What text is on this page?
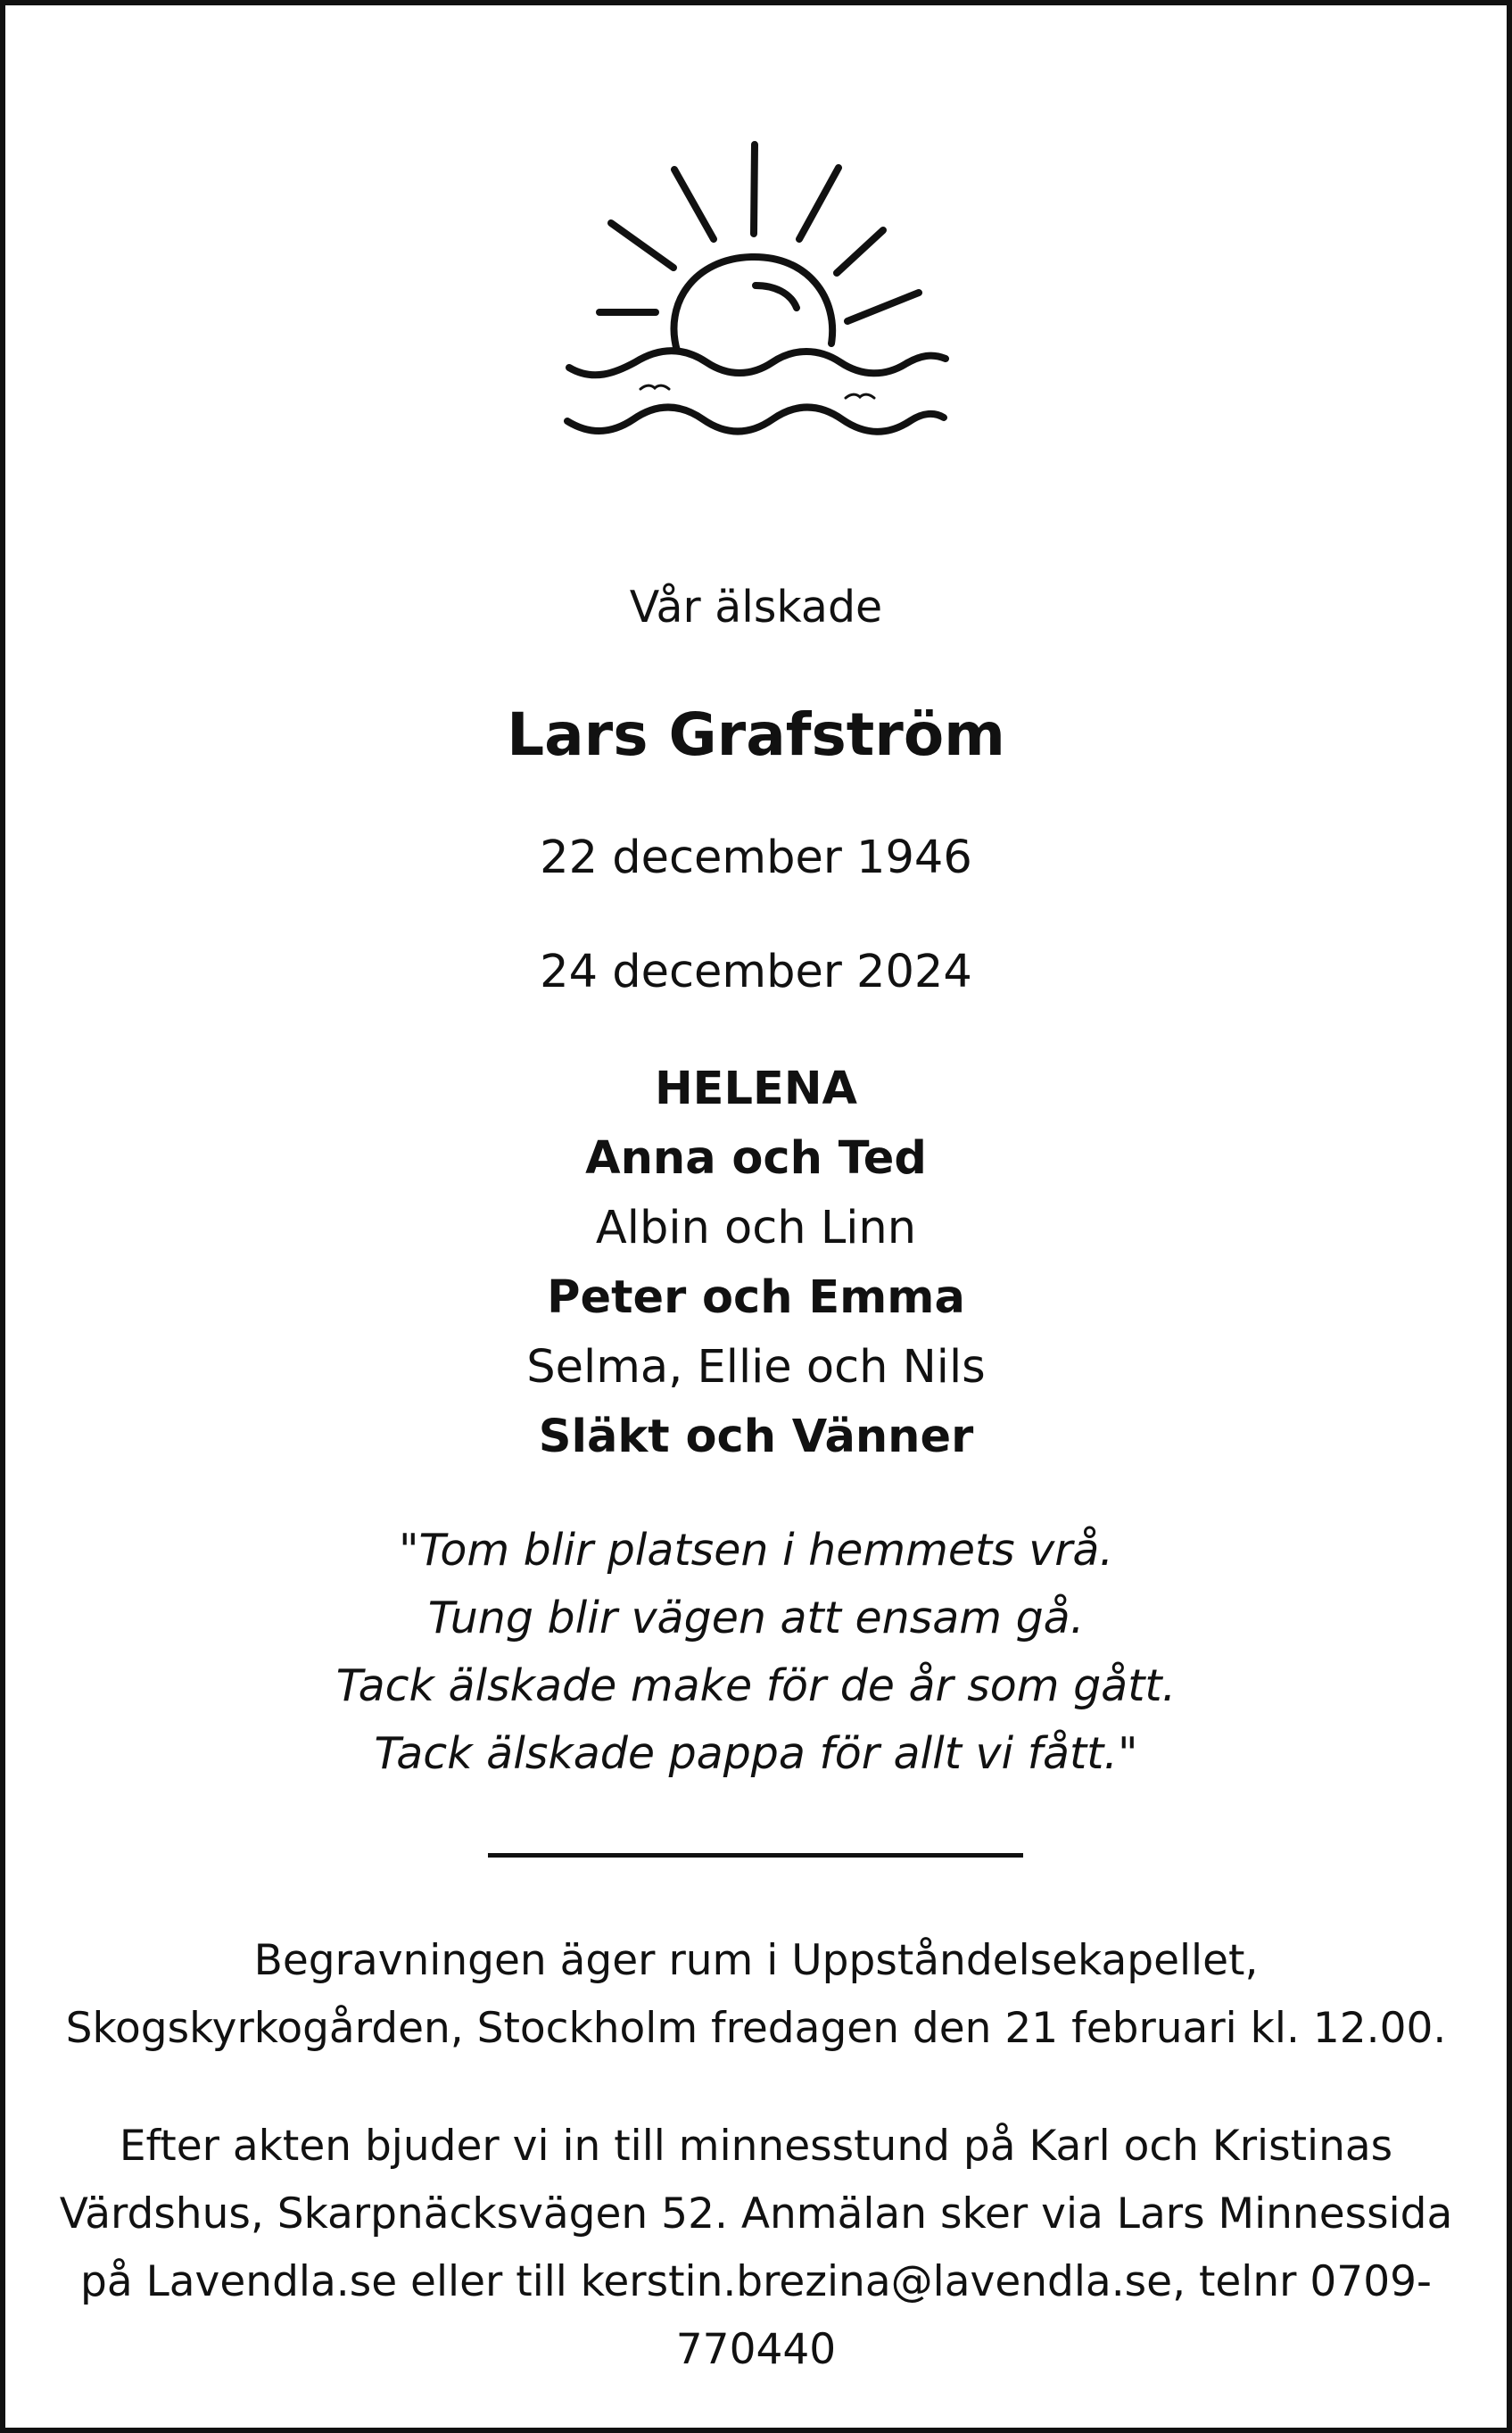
Vår älskade
Lars Grafström
22 december 1946
24 december 2024
HELENA
Anna och Ted
Albin och Linn
Peter och Emma
Selma, Ellie och Nils
Släkt och Vänner
"Tom blir platsen i hemmets vrå.
Tung blir vägen att ensam gå.
Tack älskade make för de år som gått.
Tack älskade pappa för allt vi fått."
Begravningen äger rum i Uppståndelsekapellet,
Skogskyrkogården, Stockholm fredagen den 21 februari kl. 12.00.
Efter akten bjuder vi in till minnesstund på Karl och Kristinas
Värdshus, Skarpnäcksvägen 52. Anmälan sker via Lars Minnessida
på Lavendla.se eller till kerstin.brezina@lavendla.se, telnr 0709-
770440
